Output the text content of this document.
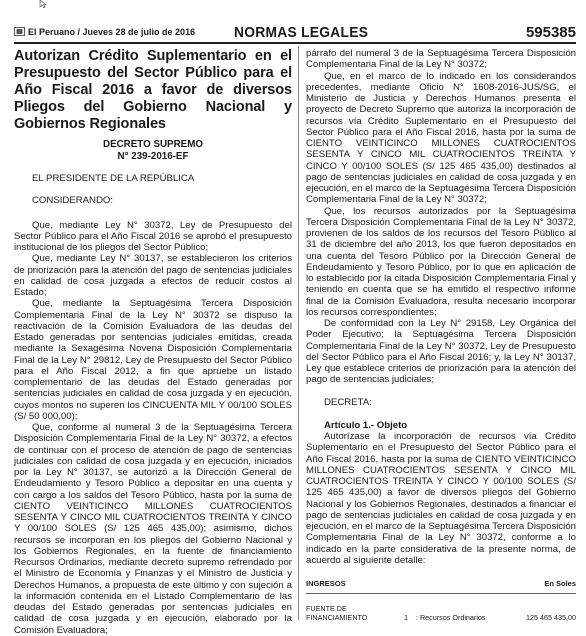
El Peruano / Jueves 28 de julio de 2016	NORMAS LEGALES	595385

Autorizan Crédito Suplementario en el Presupuesto del Sector Público para el Año Fiscal 2016 a favor de diversos Pliegos del Gobierno Nacional y Gobiernos Regionales

DECRETO SUPREMO

N° 239-2016-EF

EL PRESIDENTE DE LA REPÚBLICA

CONSIDERANDO:

Que, mediante Ley N° 30372, Ley de Presupuesto del Sector Público para el Año Fiscal 2016 se aprobó el presupuesto institucional de los pliegos del Sector Público;

Que, mediante Ley N° 30137, se establecieron los criterios de priorización para la atención del pago de sentencias judiciales en calidad de cosa juzgada a efectos de reducir costos al Estado;

Que, mediante la Septuagésima Tercera Disposición Complementaria Final de la Ley N° 30372 se dispuso la reactivación de la Comisión Evaluadora de las deudas del Estado generadas por sentencias judiciales emitidas, creada mediante la Sexagésima Novena Disposición Complementaria Final de la Ley N° 29812, Ley de Presupuesto del Sector Público para el Año Fiscal 2012, a fin que apruebe un listado complementario de las deudas del Estado generadas por sentencias judiciales en calidad de cosa juzgada y en ejecución, cuyos montos no superen los CINCUENTA MIL Y 00/100 SOLES (S/ 50 000,00);

Que, conforme al numeral 3 de la Septuagésima Tercera Disposición Complementaria Final de la Ley N° 30372, a efectos de continuar con el proceso de atención de pago de sentencias judiciales con calidad de cosa juzgada y en ejecución, iniciados por la Ley N° 30137, se autorizó a la Dirección General de Endeudamiento y Tesoro Público a depositar en una cuenta y con cargo a los saldos del Tesoro Público, hasta por la suma de CIENTO VEINTICINCO MILLONES CUATROCIENTOS SESENTA Y CINCO MIL CUATROCIENTOS TREINTA Y CINCO Y 00/100 SOLES (S/ 125 465 435,00); asimismo, dichos recursos se incorporan en los pliegos del Gobierno Nacional y los Gobiernos Regionales, en la fuente de financiamiento Recursos Ordinarios, mediante decreto supremo refrendado por el Ministro de Economía y Finanzas y el Ministro de Justicia y Derechos Humanos, a propuesta de este último y con sujeción a la información contenida en el Listado Complementario de las deudas del Estado generadas por sentencias judiciales en calidad de cosa juzgada y en ejecución, elaborado por la Comisión Evaluadora;

párrafo del numeral 3 de la Septuagésima Tercera Disposición Complementaria Final de la Ley N° 30372;

Que, en el marco de lo indicado en los considerandos precedentes, mediante Oficio N° 1608-2016-JUS/SG, el Ministerio de Justicia y Derechos Humanos presenta el proyecto de Decreto Supremo que autoriza la incorporación de recursos vía Crédito Suplementario en el Presupuesto del Sector Público para el Año Fiscal 2016, hasta por la suma de CIENTO VEINTICINCO MILLONES CUATROCIENTOS SESENTA Y CINCO MIL CUATROCIENTOS TREINTA Y CINCO Y 00/100 SOLES (S/ 125 465 435,00) destinados al pago de sentencias judiciales en calidad de cosa juzgada y en ejecución, en el marco de la Septuagésima Tercera Disposición Complementaria Final de la Ley N° 30372;

Que, los recursos autorizados por la Septuagésima Tercera Disposición Complementaria Final de la Ley N° 30372, provienen de los saldos de los recursos del Tesoro Público al 31 de diciembre del año 2013, los que fueron depositados en una cuenta del Tesoro Público por la Dirección General de Endeudamiento y Tesoro Público, por lo que en aplicación de lo establecido por la citada Disposición Complementaria Final y teniendo en cuenta que se ha emitido el respectivo informe final de la Comisión Evaluadora, resulta necesario incorporar los recursos correspondientes;

De conformidad con la Ley N° 29158, Ley Orgánica del Poder Ejecutivo; la Septuagésima Tercera Disposición Complementaria Final de la Ley N° 30372, Ley de Presupuesto del Sector Público para el Año Fiscal 2016; y, la Ley N° 30137, Ley que establece criterios de priorización para la atención del pago de sentencias judiciales;

DECRETA:

Artículo 1.- Objeto

Autorízase la incorporación de recursos vía Crédito Suplementario en el Presupuesto del Sector Público para el Año Fiscal 2016, hasta por la suma de CIENTO VEINTICINCO MILLONES CUATROCIENTOS SESENTA Y CINCO MIL CUATROCIENTOS TREINTA Y CINCO Y 00/100 SOLES (S/ 125 465 435,00) a favor de diversos pliegos del Gobierno Nacional y los Gobiernos Regionales, destinados a financiar el pago de sentencias judiciales en calidad de cosa juzgada y en ejecución, en el marco de la Septuagésima Tercera Disposición Complementaria Final de la Ley N° 30372, conforme a lo indicado en la parte considerativa de la presente norma, de acuerdo al siguiente detalle:

INGRESOS	En Soles
FUENTE DE FINANCIAMIENTO	1 : Recursos Ordinarios	125 465 435,00
